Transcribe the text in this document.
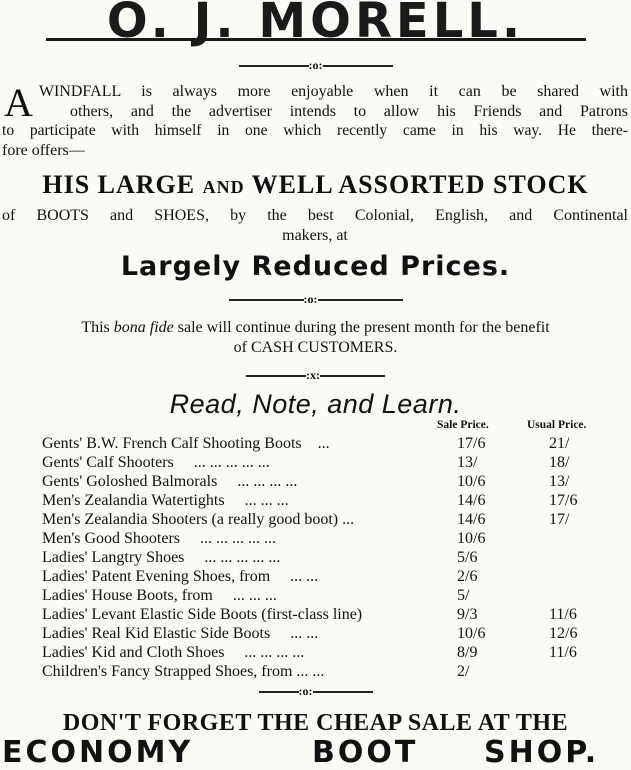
O. J. MORELL.
:o:
A WINDFALL is always more enjoyable when it can be shared with
others, and the advertiser intends to allow his Friends and Patrons
to participate with himself in one which recently came in his way. He there-
fore offers—
HIS LARGE AND WELL ASSORTED STOCK
of BOOTS and SHOES, by the best Colonial, English, and Continental
makers, at
Largely Reduced Prices.
:o:
This bona fide sale will continue during the present month for the benefit
of CASH CUSTOMERS.
:x:
Read, Note, and Learn.
Sale Price.	Usual Price.
Gents' B.W. French Calf Shooting Boots ...	17/6	21/
Gents' Calf Shooters ... ... ... ... ...	13/	18/
Gents' Goloshed Balmorals ... ... ... ...	10/6	13/
Men's Zealandia Watertights ... ... ...	14/6	17/6
Men's Zealandia Shooters (a really good boot) ...	14/6	17/
Men's Good Shooters ... ... ... ... ...	10/6
Ladies' Langtry Shoes ... ... ... ... ...	5/6
Ladies' Patent Evening Shoes, from ... ...	2/6
Ladies' House Boots, from ... ... ...	5/
Ladies' Levant Elastic Side Boots (first-class line)	9/3	11/6
Ladies' Real Kid Elastic Side Boots ... ...	10/6	12/6
Ladies' Kid and Cloth Shoes ... ... ... ...	8/9	11/6
Children's Fancy Strapped Shoes, from ... ...	2/
:o:
DON'T FORGET THE CHEAP SALE AT THE
ECONOMY	BOOT SHOP.
